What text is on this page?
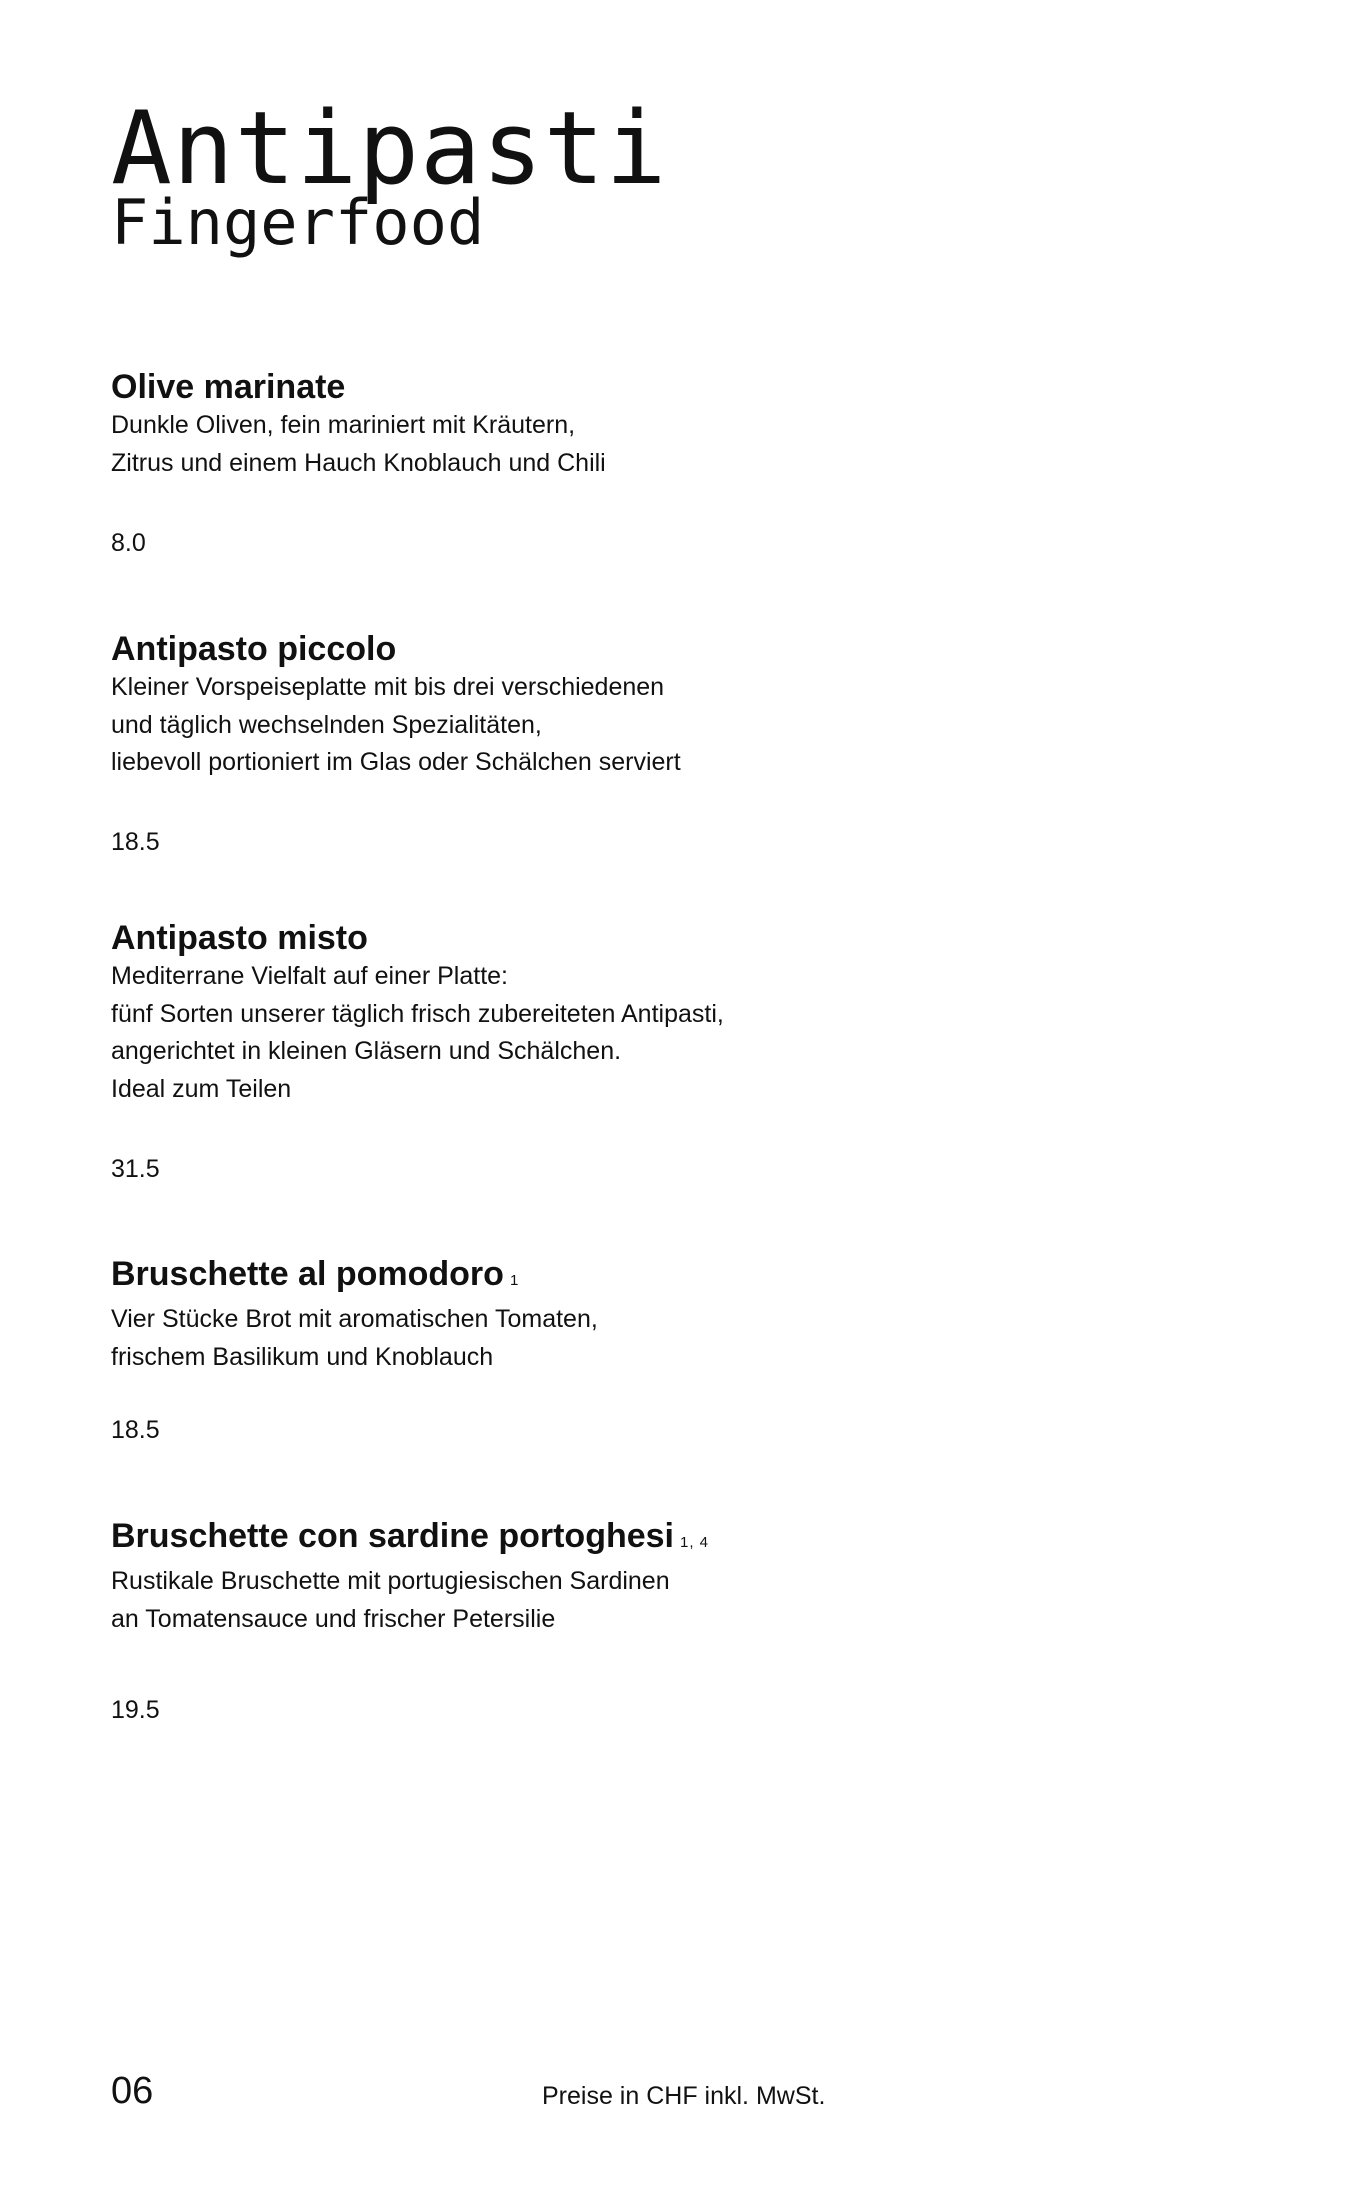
Antipasti
Fingerfood
Olive marinate
Dunkle Oliven, fein mariniert mit Kräutern,
Zitrus und einem Hauch Knoblauch und Chili
8.0
Antipasto piccolo
Kleiner Vorspeiseplatte mit bis drei verschiedenen
und täglich wechselnden Spezialitäten,
liebevoll portioniert im Glas oder Schälchen serviert
18.5
Antipasto misto
Mediterrane Vielfalt auf einer Platte:
fünf Sorten unserer täglich frisch zubereiteten Antipasti,
angerichtet in kleinen Gläsern und Schälchen.
Ideal zum Teilen
31.5
Bruschette al pomodoro 1
Vier Stücke Brot mit aromatischen Tomaten,
frischem Basilikum und Knoblauch
18.5
Bruschette con sardine portoghesi 1, 4
Rustikale Bruschette mit portugiesischen Sardinen
an Tomatensauce und frischer Petersilie
19.5
06	Preise in CHF inkl. MwSt.
